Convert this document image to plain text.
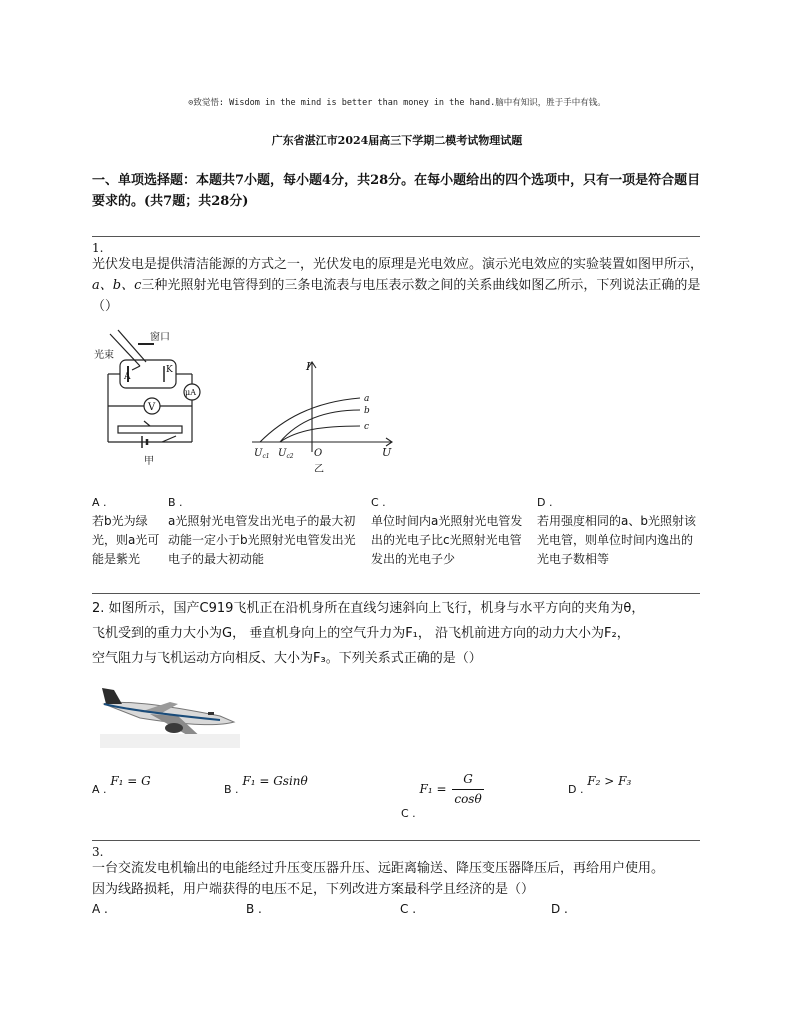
⊙致觉悟: Wisdom in the mind is better than money in the hand.脑中有知识，胜于手中有钱。
广东省湛江市2024届高三下学期二模考试物理试题
一、单项选择题：本题共7小题，每小题4分，共28分。在每小题给出的四个选项中，只有一项是符合题目要求的。(共7题；共28分)
1.
光伏发电是提供清洁能源的方式之一，光伏发电的原理是光电效应。演示光电效应的实验装置如图甲所示，a、b、c三种光照射光电管得到的三条电流表与电压表示数之间的关系曲线如图乙所示，下列说法正确的是（）
窗口
光束
A
K
μA
V
甲
I
a
b
c
$U_{c1}$ $U_{c2}$ O	U
乙
A .
若b光为绿光，则a光可能是紫光
B .
a光照射光电管发出光电子的最大初动能一定小于b光照射光电管发出光电子的最大初动能
C .
单位时间内a光照射光电管发出的光电子比c光照射光电管发出的光电子少
D .
若用强度相同的a、b光照射该光电管，则单位时间内逸出的光电子数相等
2. 如图所示，国产C919飞机正在沿机身所在直线匀速斜向上飞行，机身与水平方向的夹角为θ，
飞机受到的重力大小为G， 垂直机身向上的空气升力为F₁， 沿飞机前进方向的动力大小为F₂，
空气阻力与飞机运动方向相反、大小为F₃。下列关系式正确的是（）
A . F₁ = G
B . F₁ = Gsinθ
C . $F_1 = \frac{G}{\cos\theta}$	D . F₂ > F₃
3.
一台交流发电机输出的电能经过升压变压器升压、远距离输送、降压变压器降压后，再给用户使用。
因为线路损耗，用户端获得的电压不足，下列改进方案最科学且经济的是（）
A .	B .	C .	D .
